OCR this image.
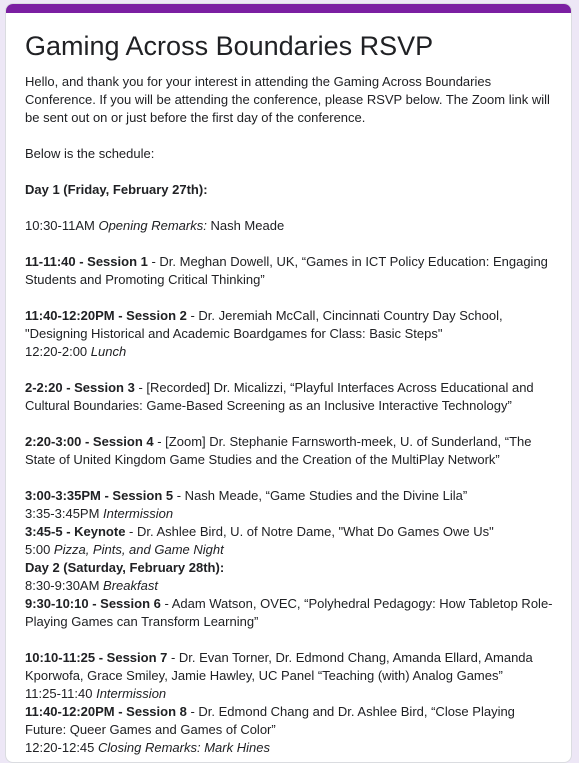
Gaming Across Boundaries RSVP

Hello, and thank you for your interest in attending the Gaming Across Boundaries Conference. If you will be attending the conference, please RSVP below. The Zoom link will be sent out on or just before the first day of the conference.

Below is the schedule:

Day 1 (Friday, February 27th):

10:30-11AM Opening Remarks: Nash Meade

11-11:40 - Session 1 - Dr. Meghan Dowell, UK, “Games in ICT Policy Education: Engaging Students and Promoting Critical Thinking”

11:40-12:20PM - Session 2 - Dr. Jeremiah McCall, Cincinnati Country Day School, "Designing Historical and Academic Boardgames for Class: Basic Steps"

12:20-2:00 Lunch

2-2:20 - Session 3 - [Recorded] Dr. Micalizzi, “Playful Interfaces Across Educational and Cultural Boundaries: Game-Based Screening as an Inclusive Interactive Technology”

2:20-3:00 - Session 4 - [Zoom] Dr. Stephanie Farnsworth-meek, U. of Sunderland, “The State of United Kingdom Game Studies and the Creation of the MultiPlay Network”

3:00-3:35PM - Session 5 - Nash Meade, “Game Studies and the Divine Lila”

3:35-3:45PM Intermission

3:45-5 - Keynote - Dr. Ashlee Bird, U. of Notre Dame, "What Do Games Owe Us"

5:00 Pizza, Pints, and Game Night

Day 2 (Saturday, February 28th):

8:30-9:30AM Breakfast

9:30-10:10 - Session 6 - Adam Watson, OVEC, “Polyhedral Pedagogy: How Tabletop Role-Playing Games can Transform Learning”

10:10-11:25 - Session 7 - Dr. Evan Torner, Dr. Edmond Chang, Amanda Ellard, Amanda Kporwofa, Grace Smiley, Jamie Hawley, UC Panel “Teaching (with) Analog Games”

11:25-11:40 Intermission

11:40-12:20PM - Session 8 - Dr. Edmond Chang and Dr. Ashlee Bird, “Close Playing Future: Queer Games and Games of Color”

12:20-12:45 Closing Remarks: Mark Hines
